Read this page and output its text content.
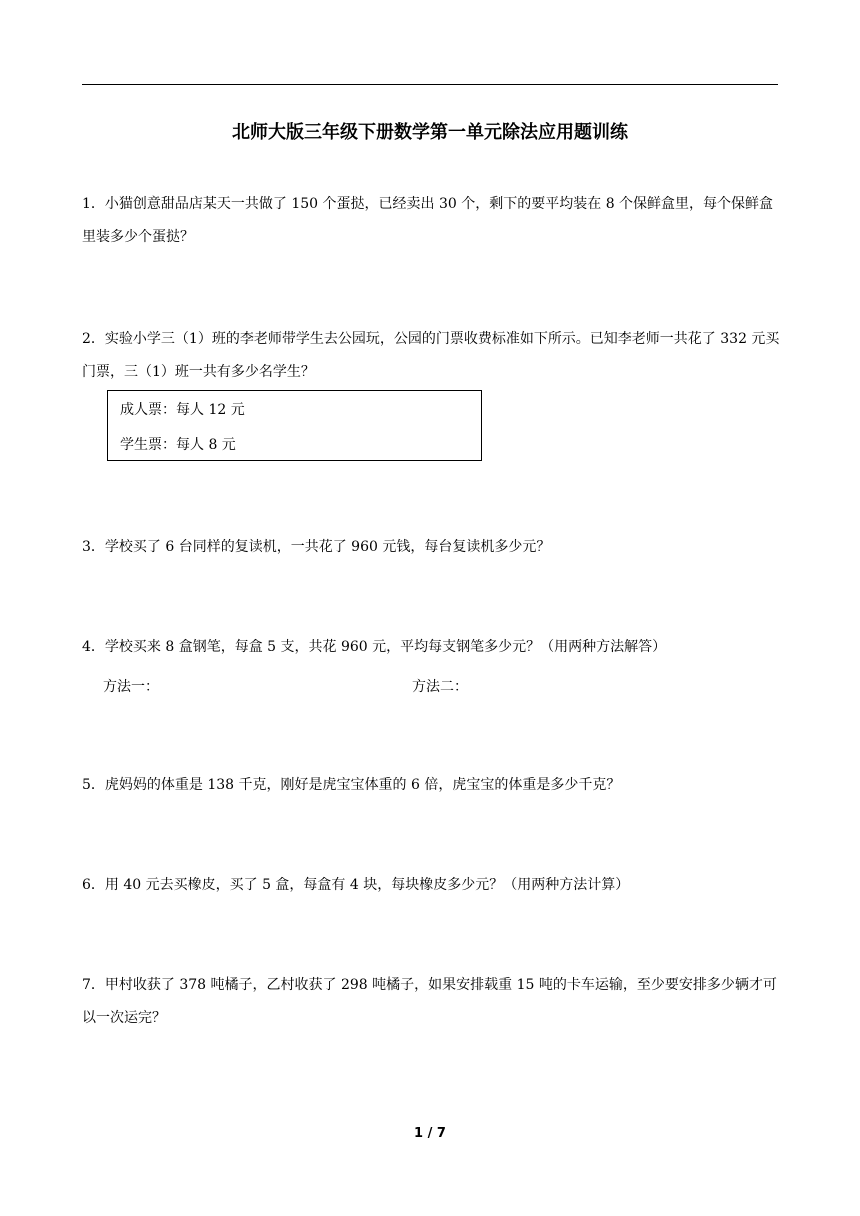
北师大版三年级下册数学第一单元除法应用题训练
1．小猫创意甜品店某天一共做了 150 个蛋挞，已经卖出 30 个，剩下的要平均装在 8 个保鲜盒里，每个保鲜盒里装多少个蛋挞？
2．实验小学三（1）班的李老师带学生去公园玩，公园的门票收费标准如下所示。已知李老师一共花了 332 元买门票，三（1）班一共有多少名学生？
成人票：每人 12 元
学生票：每人 8 元
3．学校买了 6 台同样的复读机，一共花了 960 元钱，每台复读机多少元？
4．学校买来 8 盒钢笔，每盒 5 支，共花 960 元，平均每支钢笔多少元？（用两种方法解答）
方法一：	方法二：
5．虎妈妈的体重是 138 千克，刚好是虎宝宝体重的 6 倍，虎宝宝的体重是多少千克？
6．用 40 元去买橡皮，买了 5 盒，每盒有 4 块，每块橡皮多少元？（用两种方法计算）
7．甲村收获了 378 吨橘子，乙村收获了 298 吨橘子，如果安排载重 15 吨的卡车运输，至少要安排多少辆才可以一次运完？
1 / 7
